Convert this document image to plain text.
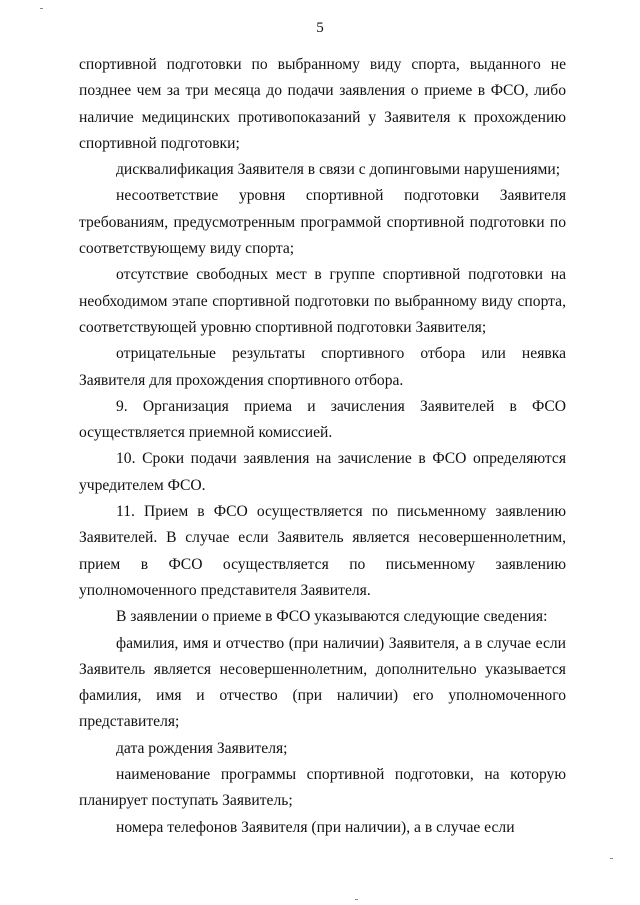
5

спортивной подготовки по выбранному виду спорта, выданного не позднее чем за три месяца до подачи заявления о приеме в ФСО, либо наличие медицинских противопоказаний у Заявителя к прохождению спортивной подготовки;

дисквалификация Заявителя в связи с допинговыми нарушениями;

несоответствие уровня спортивной подготовки Заявителя требованиям, предусмотренным программой спортивной подготовки по соответствующему виду спорта;

отсутствие свободных мест в группе спортивной подготовки на необходимом этапе спортивной подготовки по выбранному виду спорта, соответствующей уровню спортивной подготовки Заявителя;

отрицательные результаты спортивного отбора или неявка Заявителя для прохождения спортивного отбора.

9. Организация приема и зачисления Заявителей в ФСО осуществляется приемной комиссией.

10. Сроки подачи заявления на зачисление в ФСО определяются учредителем ФСО.

11. Прием в ФСО осуществляется по письменному заявлению Заявителей. В случае если Заявитель является несовершеннолетним, прием в ФСО осуществляется по письменному заявлению уполномоченного представителя Заявителя.

В заявлении о приеме в ФСО указываются следующие сведения:

фамилия, имя и отчество (при наличии) Заявителя, а в случае если Заявитель является несовершеннолетним, дополнительно указывается фамилия, имя и отчество (при наличии) его уполномоченного представителя;

дата рождения Заявителя;

наименование программы спортивной подготовки, на которую планирует поступать Заявитель;

номера телефонов Заявителя (при наличии), а в случае если
